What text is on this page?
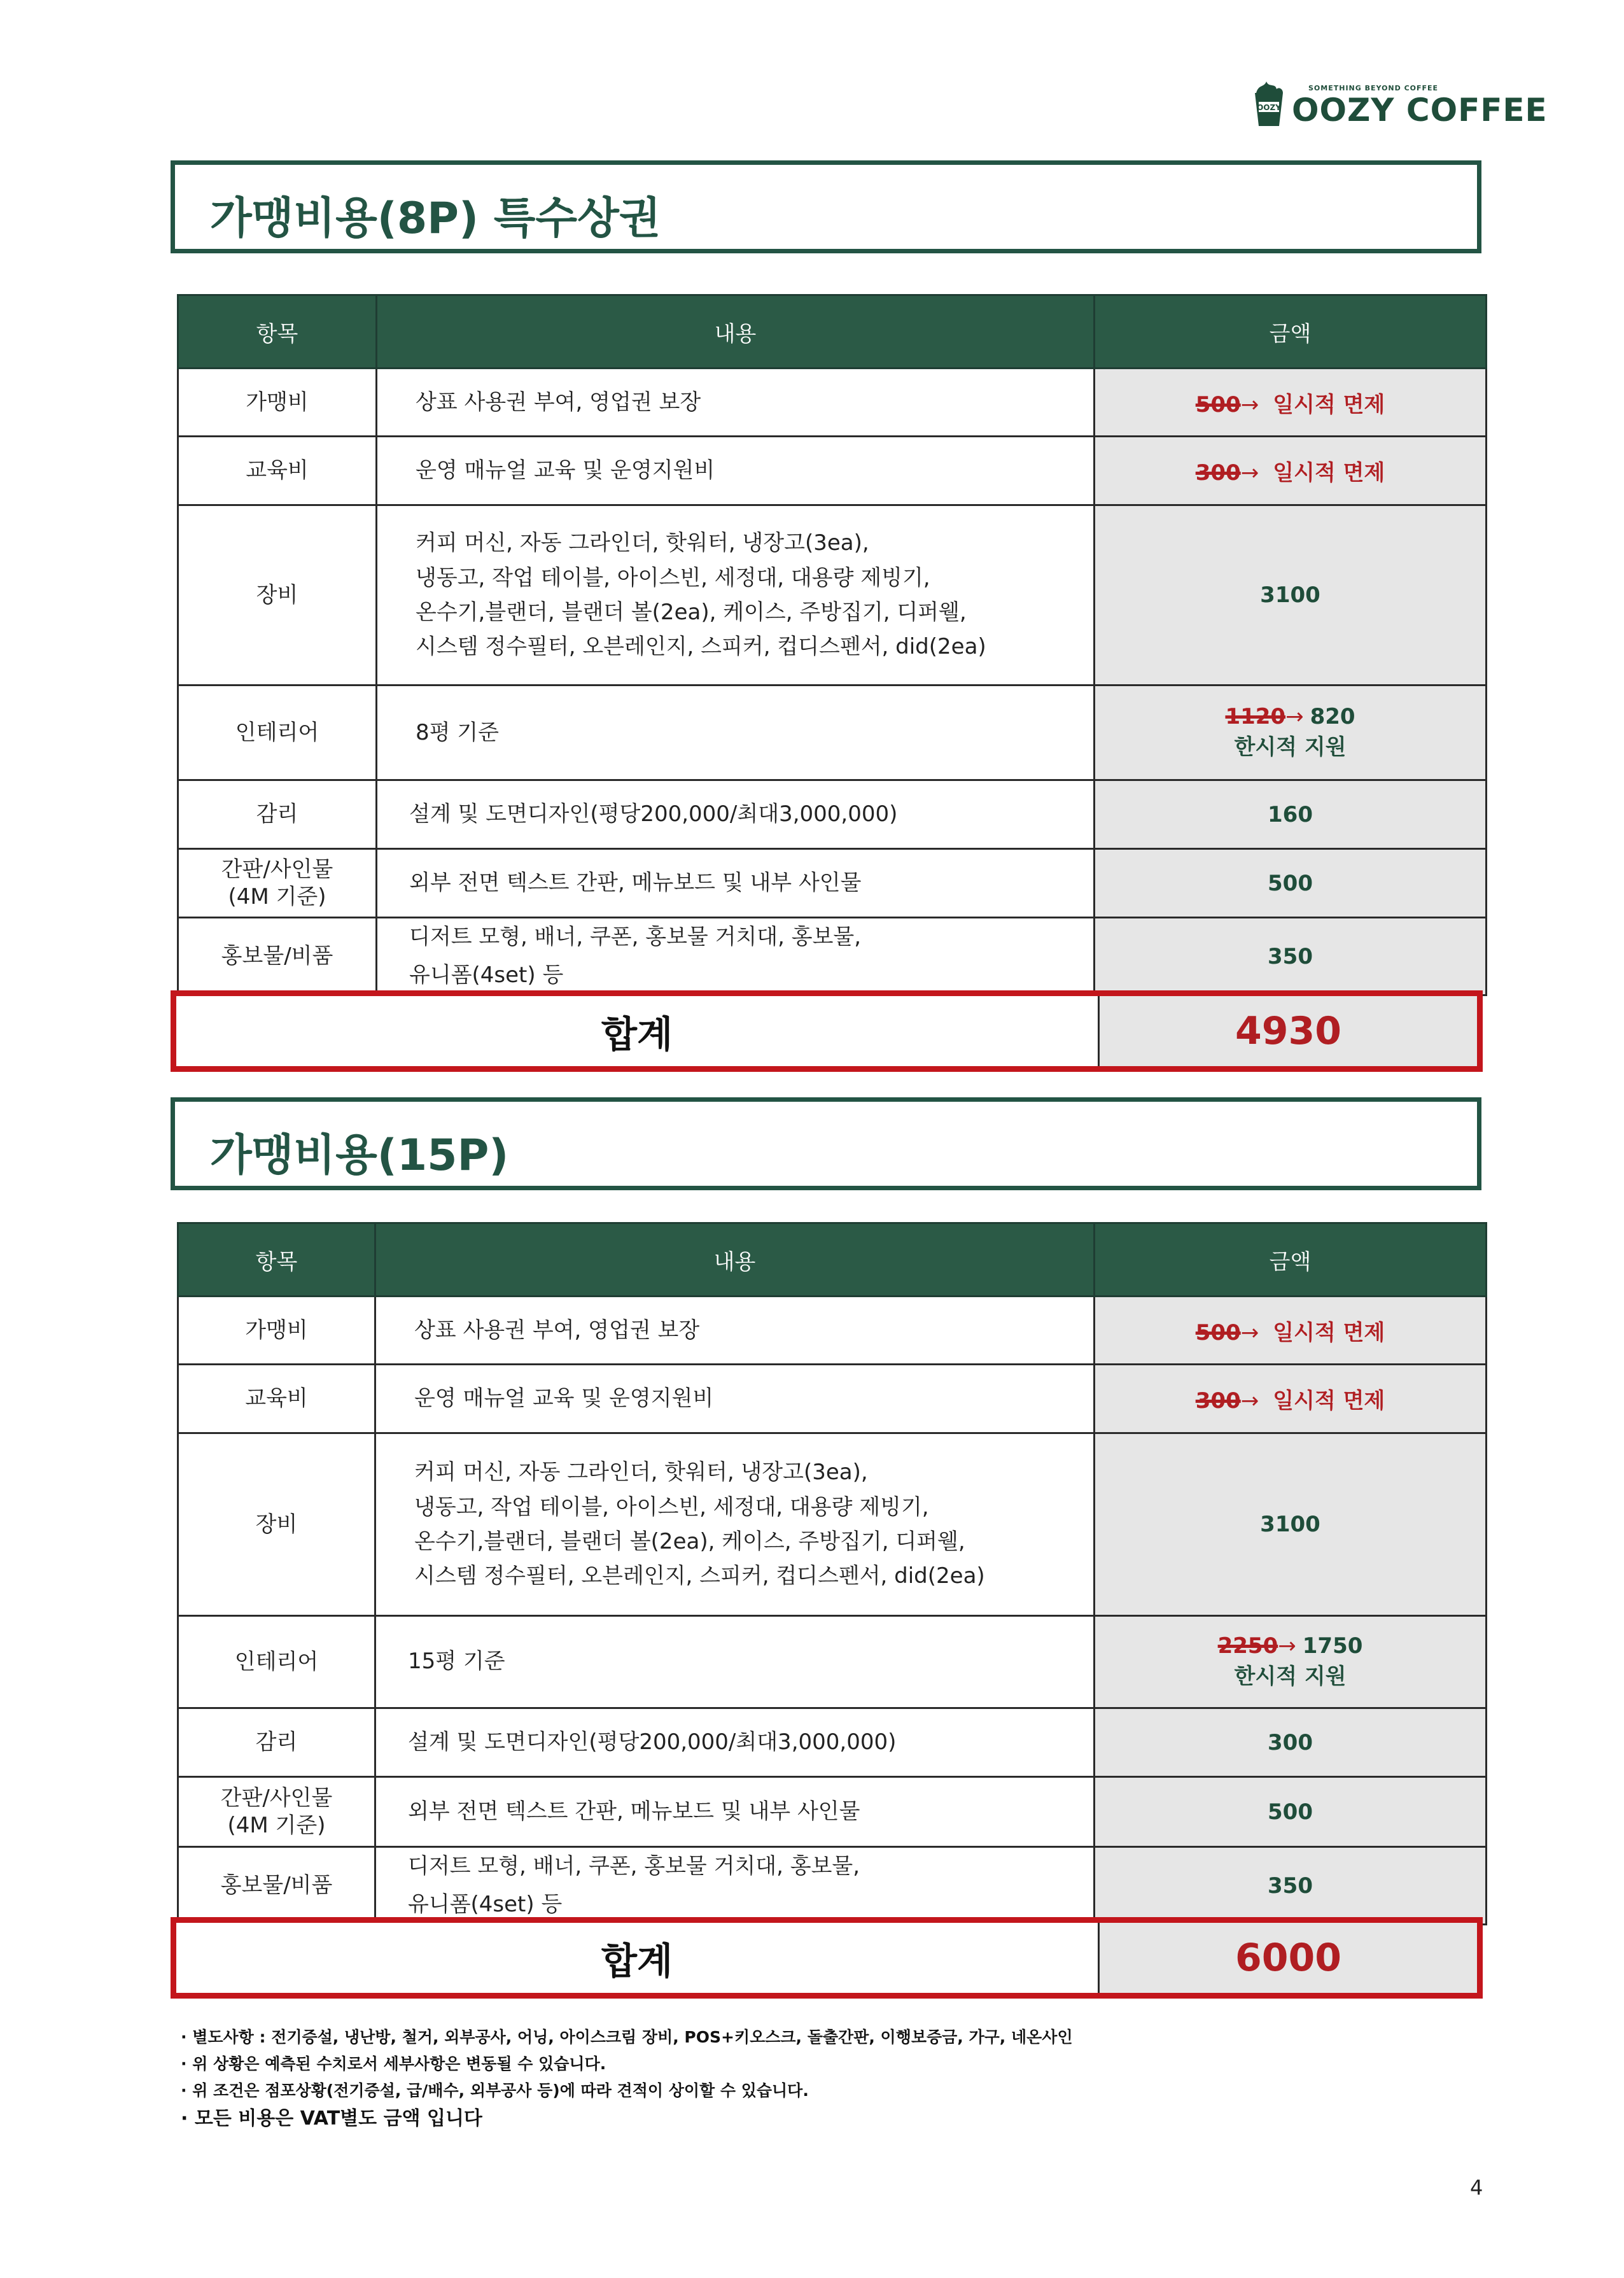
OOZY
SOMETHING BEYOND COFFEE
OOZY COFFEE
가맹비용(8P) 특수상권
항목	내용	금액
가맹비	상표 사용권 부여, 영업권 보장	500→ 일시적 면제
교육비	운영 매뉴얼 교육 및 운영지원비	300→ 일시적 면제
장비	커피 머신, 자동 그라인더, 핫워터, 냉장고(3ea),
냉동고, 작업 테이블, 아이스빈, 세정대, 대용량 제빙기,
온수기,블랜더, 블랜더 볼(2ea), 케이스, 주방집기, 디퍼웰,
시스템 정수필터, 오븐레인지, 스피커, 컵디스펜서, did(2ea)	3100
인테리어	8평 기준	1120→ 820
한시적 지원

감리	설계 및 도면디자인(평당200,000/최대3,000,000)	160

간판/사인물
(4M 기준)	외부 전면 텍스트 간판, 메뉴보드 및 내부 사인물	500
홍보물/비품	디저트 모형, 배너, 쿠폰, 홍보물 거치대, 홍보물,
유니폼(4set) 등	350
합계	4930
가맹비용(15P)
항목	내용	금액
가맹비	상표 사용권 부여, 영업권 보장	500→ 일시적 면제
교육비	운영 매뉴얼 교육 및 운영지원비	300→ 일시적 면제
장비	커피 머신, 자동 그라인더, 핫워터, 냉장고(3ea),
냉동고, 작업 테이블, 아이스빈, 세정대, 대용량 제빙기,
온수기,블랜더, 블랜더 볼(2ea), 케이스, 주방집기, 디퍼웰,
시스템 정수필터, 오븐레인지, 스피커, 컵디스펜서, did(2ea)	3100
인테리어	15평 기준	2250→ 1750
한시적 지원

감리	설계 및 도면디자인(평당200,000/최대3,000,000)	300

간판/사인물
(4M 기준)	외부 전면 텍스트 간판, 메뉴보드 및 내부 사인물	500
홍보물/비품	디저트 모형, 배너, 쿠폰, 홍보물 거치대, 홍보물,
유니폼(4set) 등	350
합계	6000
· 별도사항 : 전기증설, 냉난방, 철거, 외부공사, 어닝, 아이스크림 장비, POS+키오스크, 돌출간판, 이행보증금, 가구, 네온사인
· 위 상황은 예측된 수치로서 세부사항은 변동될 수 있습니다.
· 위 조건은 점포상황(전기증설, 급/배수, 외부공사 등)에 따라 견적이 상이할 수 있습니다.
· 모든 비용은 VAT별도 금액 입니다
4
